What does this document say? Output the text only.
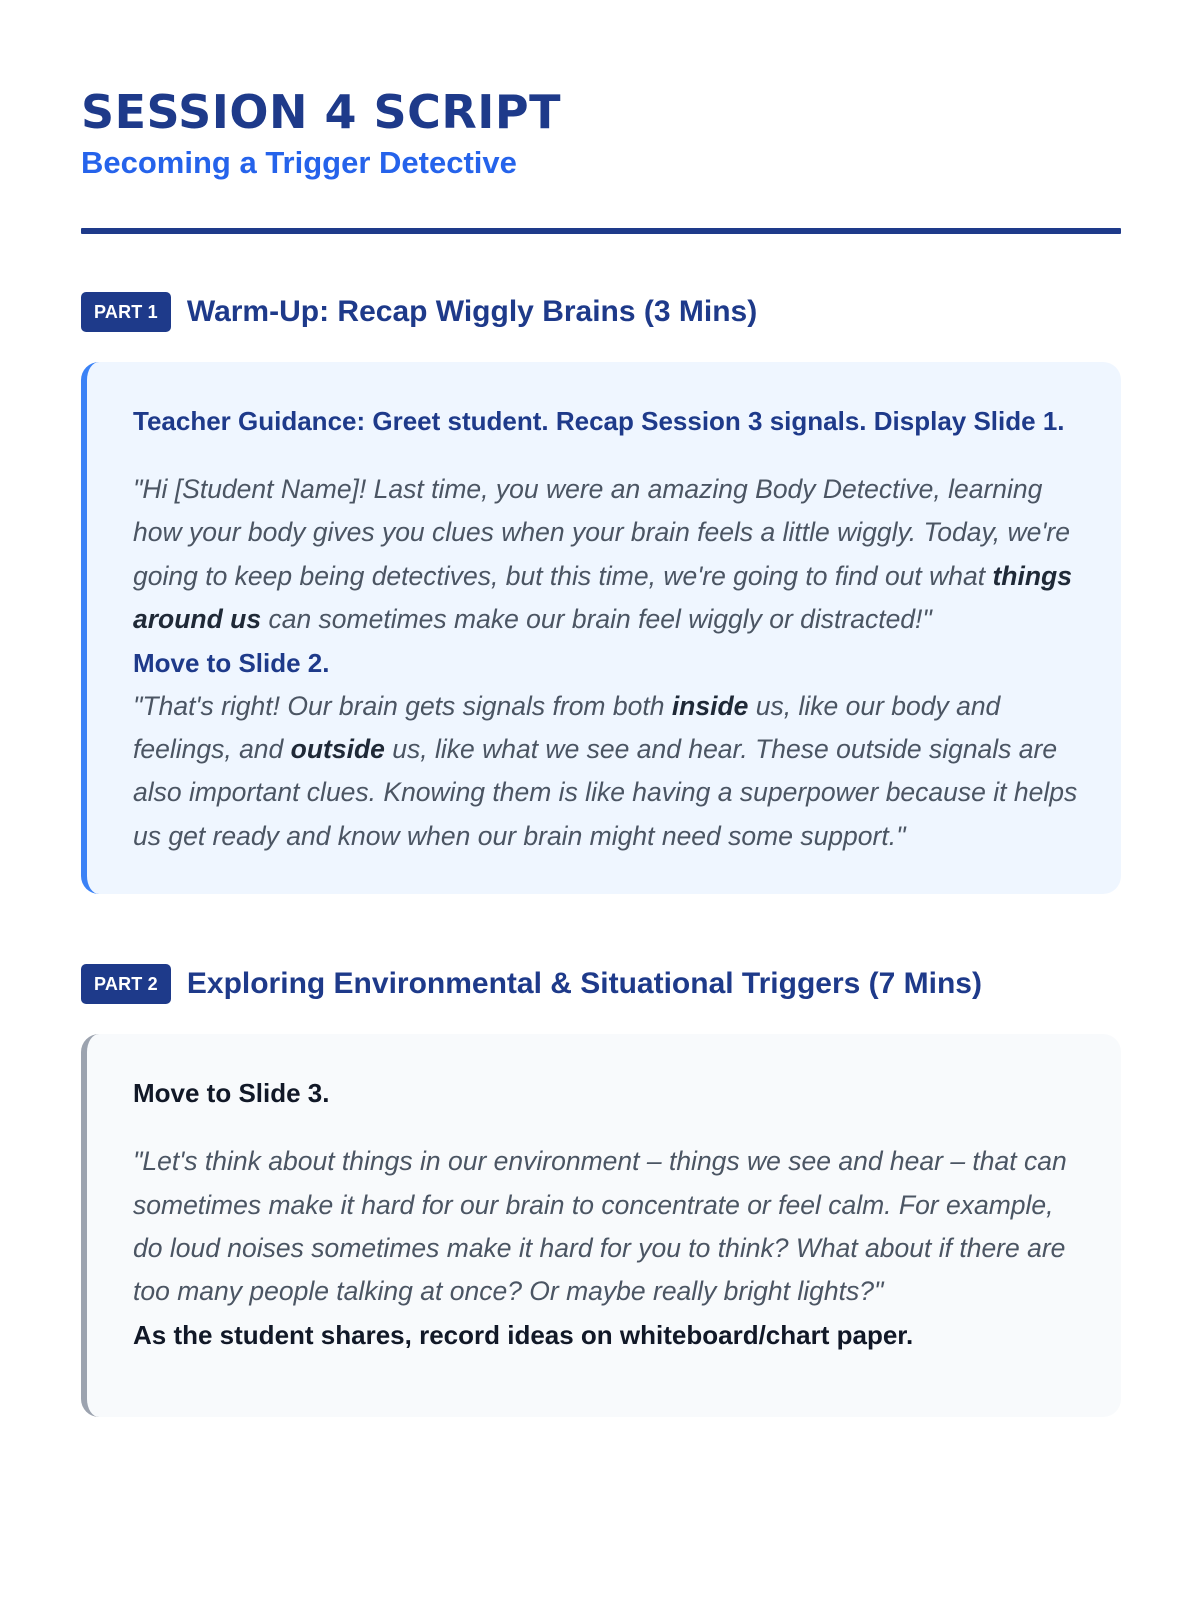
SESSION 4 SCRIPT
Becoming a Trigger Detective
PART 1 Warm-Up: Recap Wiggly Brains (3 Mins)

Teacher Guidance: Greet student. Recap Session 3 signals. Display Slide 1.

"Hi [Student Name]! Last time, you were an amazing Body Detective, learning how your body gives you clues when your brain feels a little wiggly. Today, we're going to keep being detectives, but this time, we're going to find out what things around us can sometimes make our brain feel wiggly or distracted!"

Move to Slide 2.

"That's right! Our brain gets signals from both inside us, like our body and feelings, and outside us, like what we see and hear. These outside signals are also important clues. Knowing them is like having a superpower because it helps us get ready and know when our brain might need some support."

PART 2 Exploring Environmental & Situational Triggers (7 Mins)

Move to Slide 3.

"Let's think about things in our environment – things we see and hear – that can sometimes make it hard for our brain to concentrate or feel calm. For example, do loud noises sometimes make it hard for you to think? What about if there are too many people talking at once? Or maybe really bright lights?"

As the student shares, record ideas on whiteboard/chart paper.
